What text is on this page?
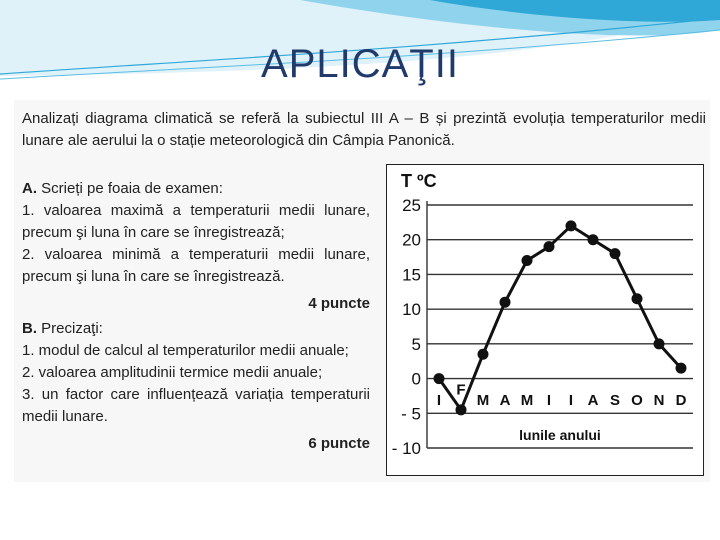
APLICAŢII
Analizați diagrama climatică se referă la subiectul III A – B și prezintă evoluția temperaturilor medii lunare ale aerului la o stație meteorologică din Câmpia Panonică.
A. Scrieți pe foaia de examen:
1. valoarea maximă a temperaturii medii lunare, precum şi luna în care se înregistrează;
2. valoarea minimă a temperaturii medii lunare, precum şi luna în care se înregistrează.
4 puncte
B. Precizaţi:
1. modul de calcul al temperaturilor medii anuale;
2. valoarea amplitudinii termice medii anuale;
3. un factor care influențează variația temperaturii medii lunare.
6 puncte
T ºC
25
20
15
10
5
0
- 5
- 10
I
F
M A M I I A S O N D
lunile anului
